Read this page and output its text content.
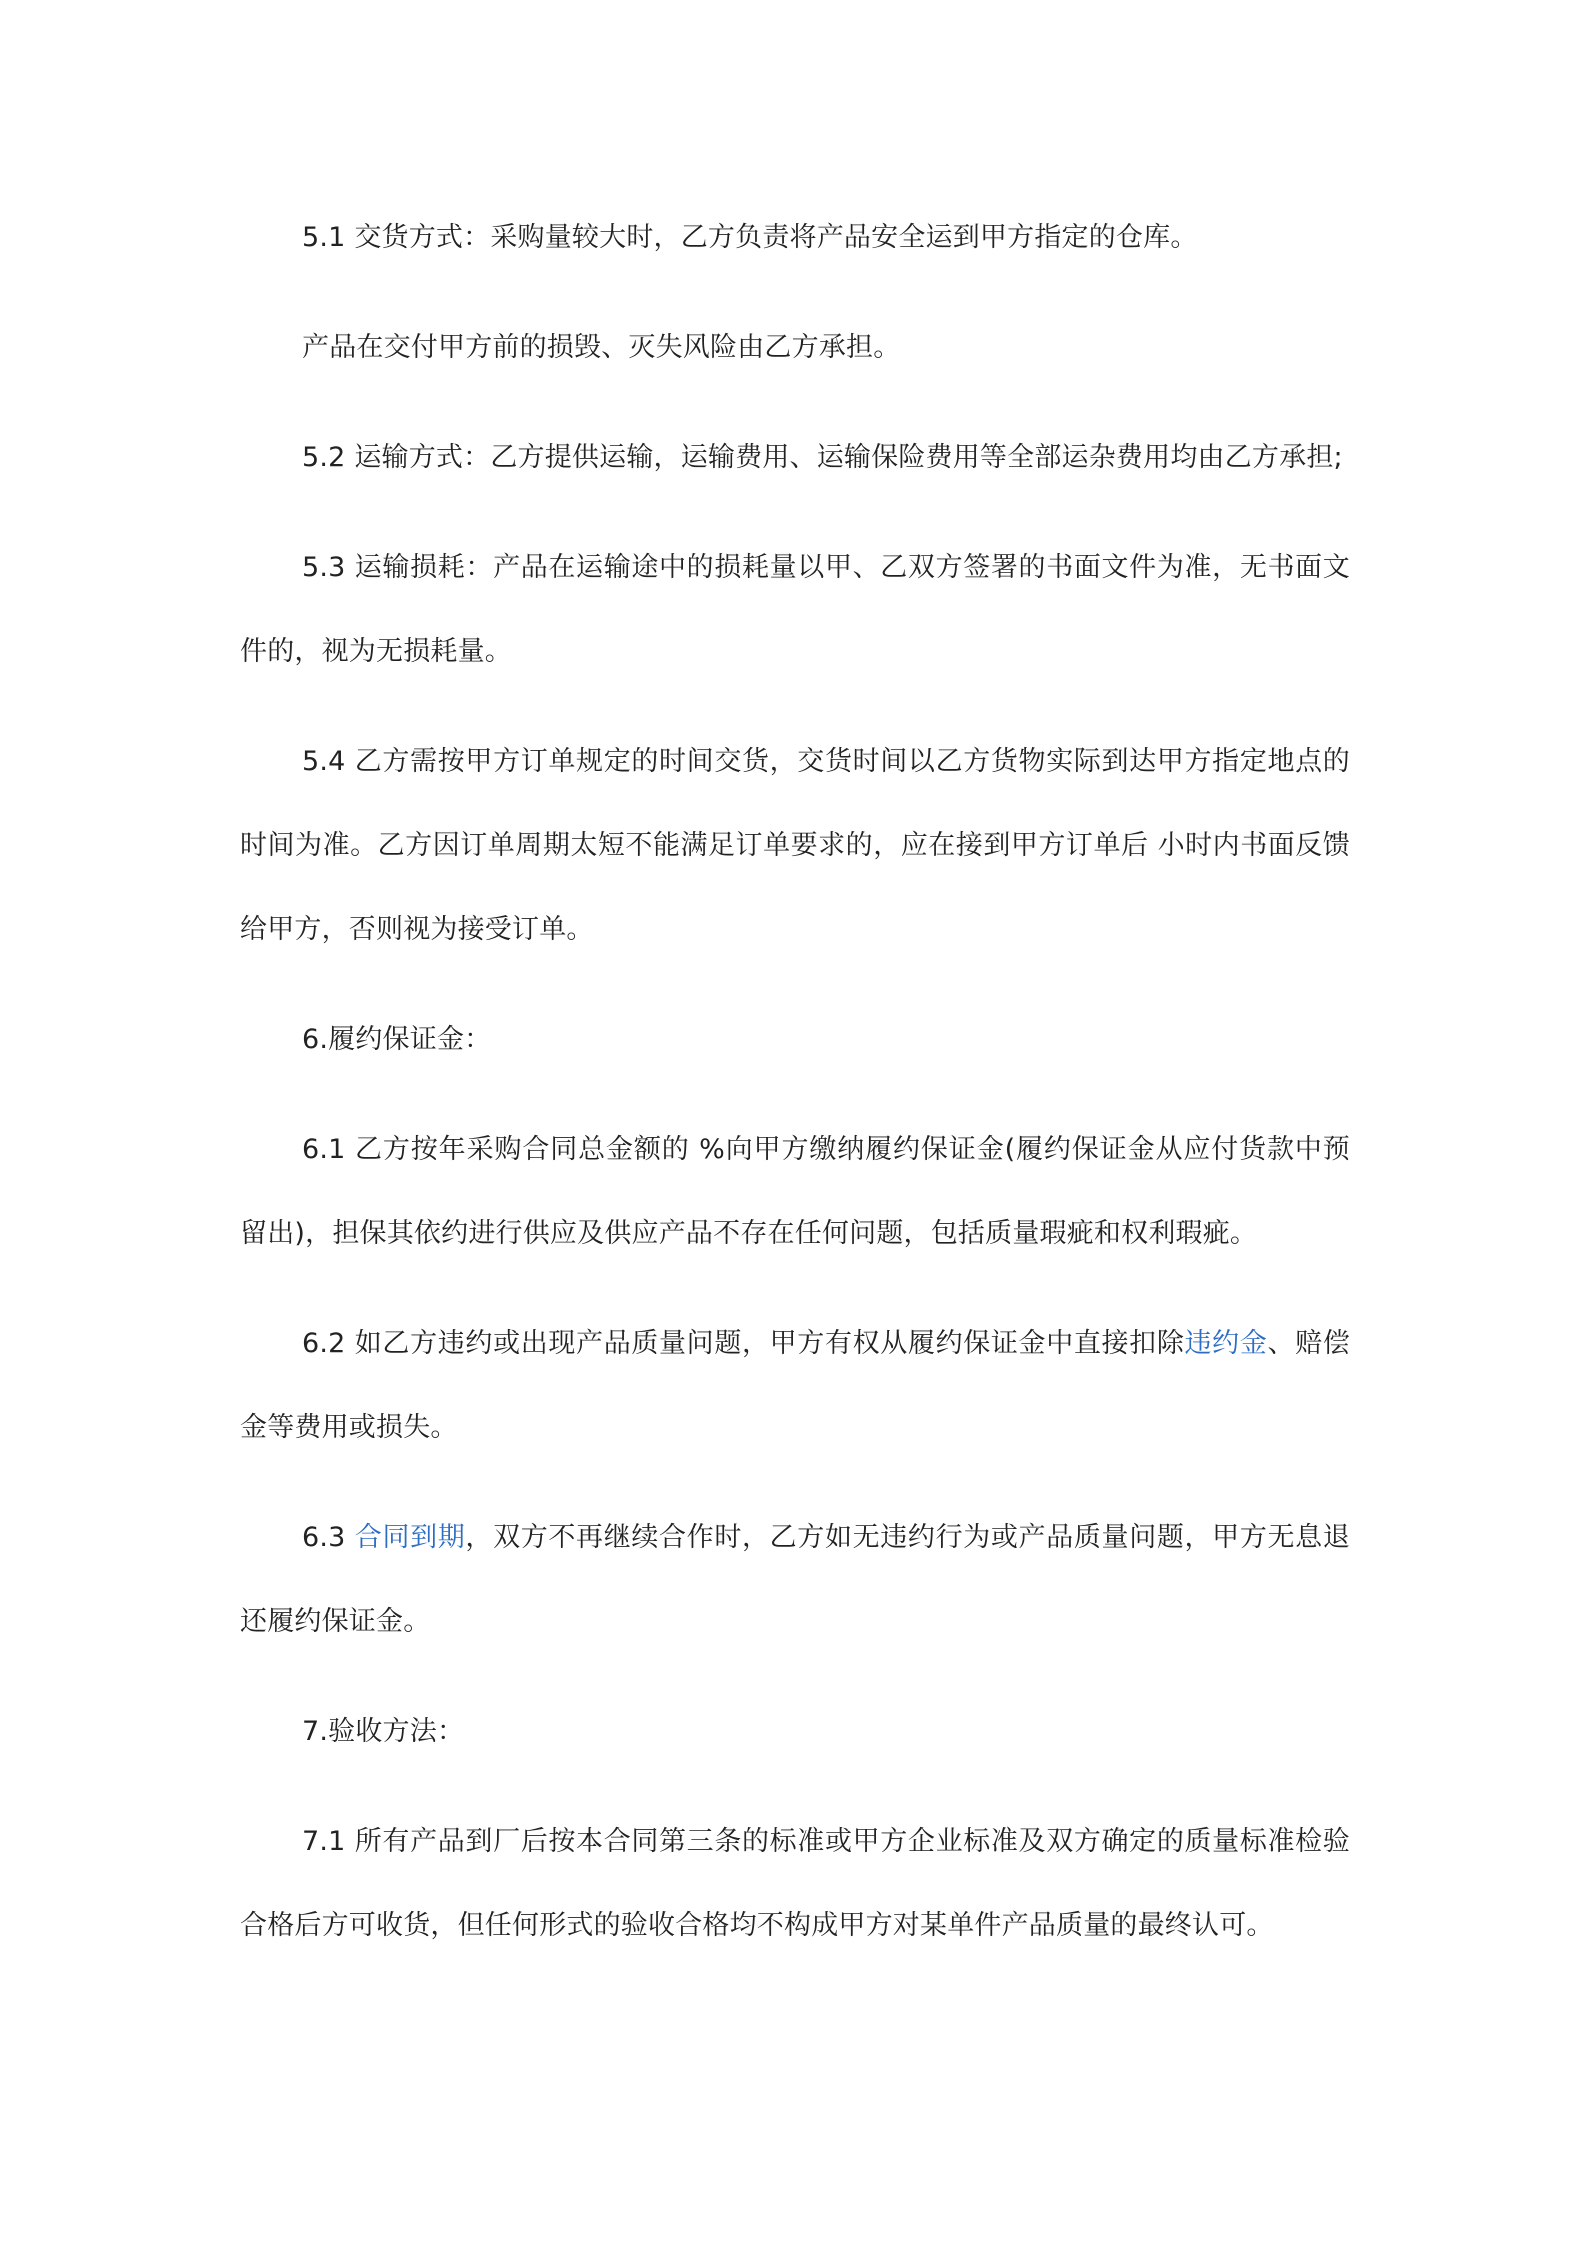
5.1 交货方式：采购量较大时，乙方负责将产品安全运到甲方指定的仓库。

产品在交付甲方前的损毁、灭失风险由乙方承担。

5.2 运输方式：乙方提供运输，运输费用、运输保险费用等全部运杂费用均由乙方承担;

5.3 运输损耗：产品在运输途中的损耗量以甲、乙双方签署的书面文件为准，无书面文件的，视为无损耗量。

5.4 乙方需按甲方订单规定的时间交货，交货时间以乙方货物实际到达甲方指定地点的时间为准。乙方因订单周期太短不能满足订单要求的，应在接到甲方订单后 小时内书面反馈给甲方，否则视为接受订单。

6.履约保证金：

6.1 乙方按年采购合同总金额的 %向甲方缴纳履约保证金(履约保证金从应付货款中预留出)，担保其依约进行供应及供应产品不存在任何问题，包括质量瑕疵和权利瑕疵。

6.2 如乙方违约或出现产品质量问题，甲方有权从履约保证金中直接扣除违约金、赔偿金等费用或损失。

6.3 合同到期，双方不再继续合作时，乙方如无违约行为或产品质量问题，甲方无息退还履约保证金。

7.验收方法：

7.1 所有产品到厂后按本合同第三条的标准或甲方企业标准及双方确定的质量标准检验合格后方可收货，但任何形式的验收合格均不构成甲方对某单件产品质量的最终认可。
